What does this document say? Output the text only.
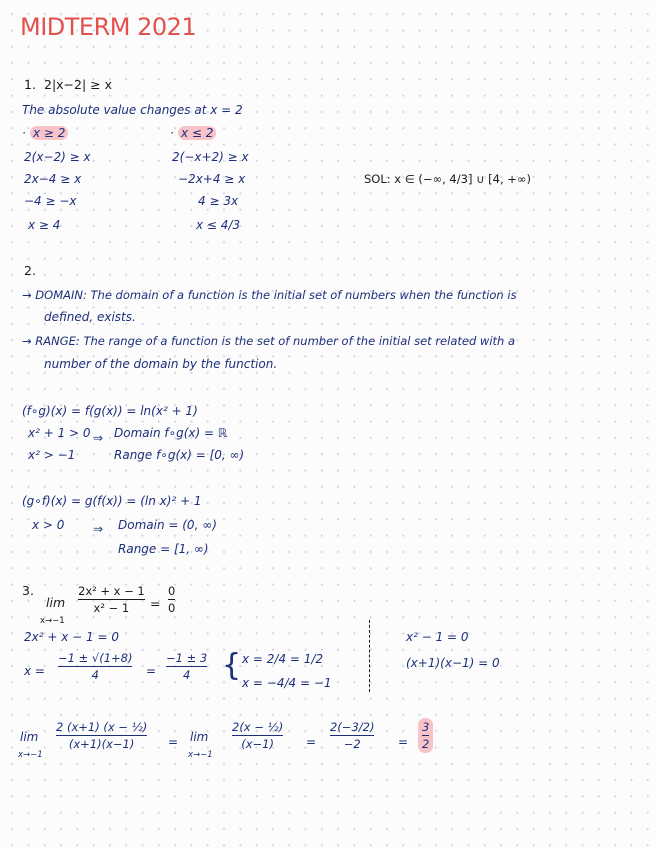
MIDTERM 2021
1. 2|x−2| ≥ x
The absolute value changes at x = 2
· x ≥ 2
2(x−2) ≥ x
2x−4 ≥ x
−4 ≥ −x
x ≥ 4
· x ≤ 2
2(−x+2) ≥ x
−2x+4 ≥ x
4 ≥ 3x
x ≤ 4/3
SOL: x ∈ (−∞, 4/3] ∪ [4, +∞)
2.
→ DOMAIN: The domain of a function is the initial set of numbers when the function is
defined, exists.
→ RANGE: The range of a function is the set of number of the initial set related with a
number of the domain by the function.
(f∘g)(x) = f(g(x)) = ln(x² + 1)
x² + 1 > 0
x² > −1
⇒ Domain f∘g(x) = ℝ
Range f∘g(x) = [0, ∞)
(g∘f)(x) = g(f(x)) = (ln x)² + 1
x > 0 ⇒ Domain = (0, ∞)
Range = [1, ∞)
3.
lim
x→−1
2x² + x − 1
x² − 1 =
0
0
2x² + x − 1 = 0
x =
−1 ± √(1+8)
4	=
−1 ± 3
4 { x = 2/4 = 1/2
x = −4/4 = −1
x² − 1 = 0
(x+1)(x−1) = 0
lim
x→−1
2 (x+1) (x − ½)
(x+1)(x−1)	= lim
x→−1
2(x − ½)
(x−1)	=
2(−3/2)
−2	=
3
2
